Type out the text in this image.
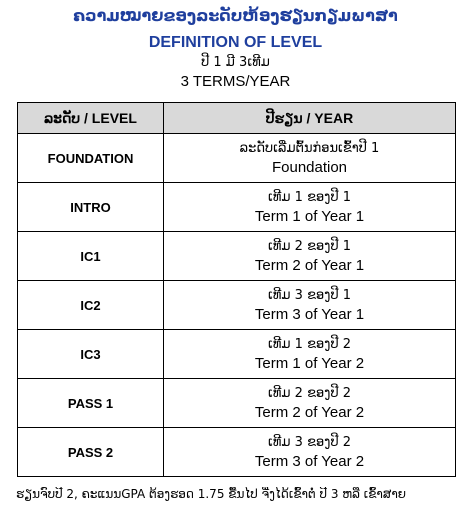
ຄວາມໝາຍຂອງລະດັບຫ້ອງຮຽນກຽມພາສາ
DEFINITION OF LEVEL
ປີ 1 ມີ 3ເທີມ
3 TERMS/YEAR
ລະດັບ / LEVEL	ປີຮຽນ / YEAR
FOUNDATION	ລະດັບເລີ່ມຕົ້ນກ່ອນເຂົ້າປີ 1
Foundation

INTRO	ເທີມ 1 ຂອງປີ 1
Term 1 of Year 1

IC1	ເທີມ 2 ຂອງປີ 1
Term 2 of Year 1

IC2	ເທີມ 3 ຂອງປີ 1
Term 3 of Year 1

IC3	ເທີມ 1 ຂອງປີ 2
Term 1 of Year 2

PASS 1	ເທີມ 2 ຂອງປີ 2
Term 2 of Year 2

PASS 2	ເທີມ 3 ຂອງປີ 2
Term 3 of Year 2
ຮຽນຈົບປີ 2, ຄະແນນGPA ຕ້ອງຮອດ 1.75 ຂື້ນໄປ ຈື່ງໄດ້ເຂົ້າຕໍ່ ປີ 3 ຫລື ເຂົ້າສາຍ
